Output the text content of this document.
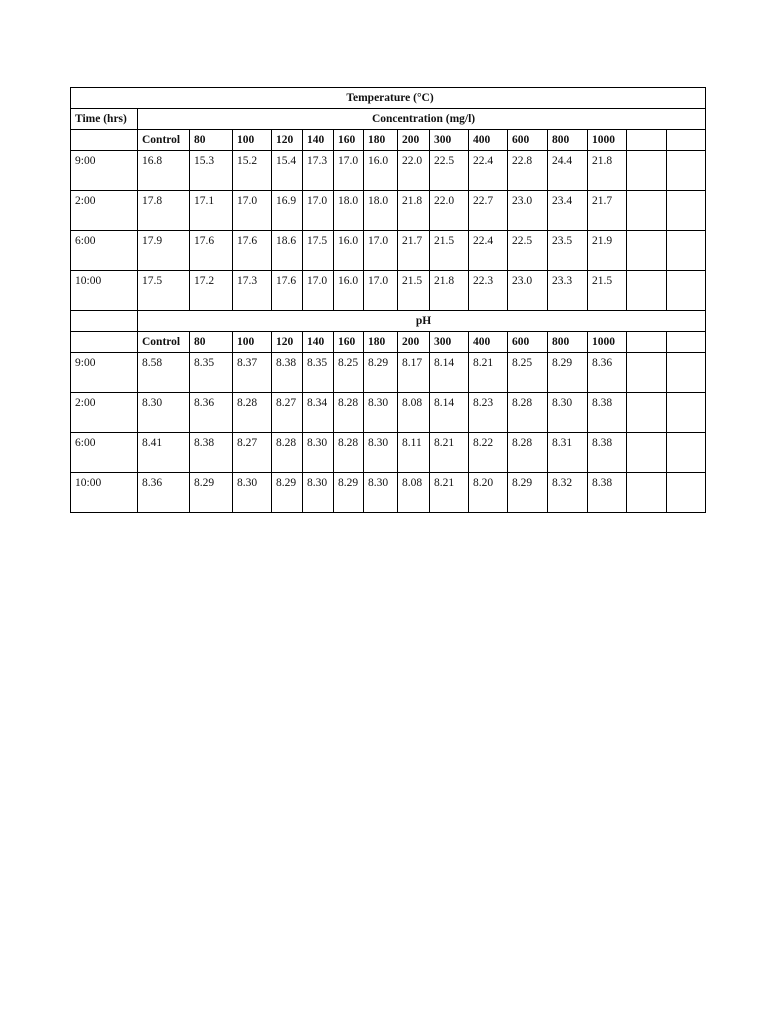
Temperature (°C)															
Time (hrs)	Concentration (mg/l)														
	Control	80	100	120	140	160	180	200	300	400	600	800	1000		
9:00	16.8	15.3	15.2	15.4	17.3	17.0	16.0	22.0	22.5	22.4	22.8	24.4	21.8		
2:00	17.8	17.1	17.0	16.9	17.0	18.0	18.0	21.8	22.0	22.7	23.0	23.4	21.7		
6:00	17.9	17.6	17.6	18.6	17.5	16.0	17.0	21.7	21.5	22.4	22.5	23.5	21.9		
10:00	17.5	17.2	17.3	17.6	17.0	16.0	17.0	21.5	21.8	22.3	23.0	23.3	21.5		
	pH														
	Control	80	100	120	140	160	180	200	300	400	600	800	1000		
9:00	8.58	8.35	8.37	8.38	8.35	8.25	8.29	8.17	8.14	8.21	8.25	8.29	8.36		
2:00	8.30	8.36	8.28	8.27	8.34	8.28	8.30	8.08	8.14	8.23	8.28	8.30	8.38		
6:00	8.41	8.38	8.27	8.28	8.30	8.28	8.30	8.11	8.21	8.22	8.28	8.31	8.38		
10:00	8.36	8.29	8.30	8.29	8.30	8.29	8.30	8.08	8.21	8.20	8.29	8.32	8.38		
